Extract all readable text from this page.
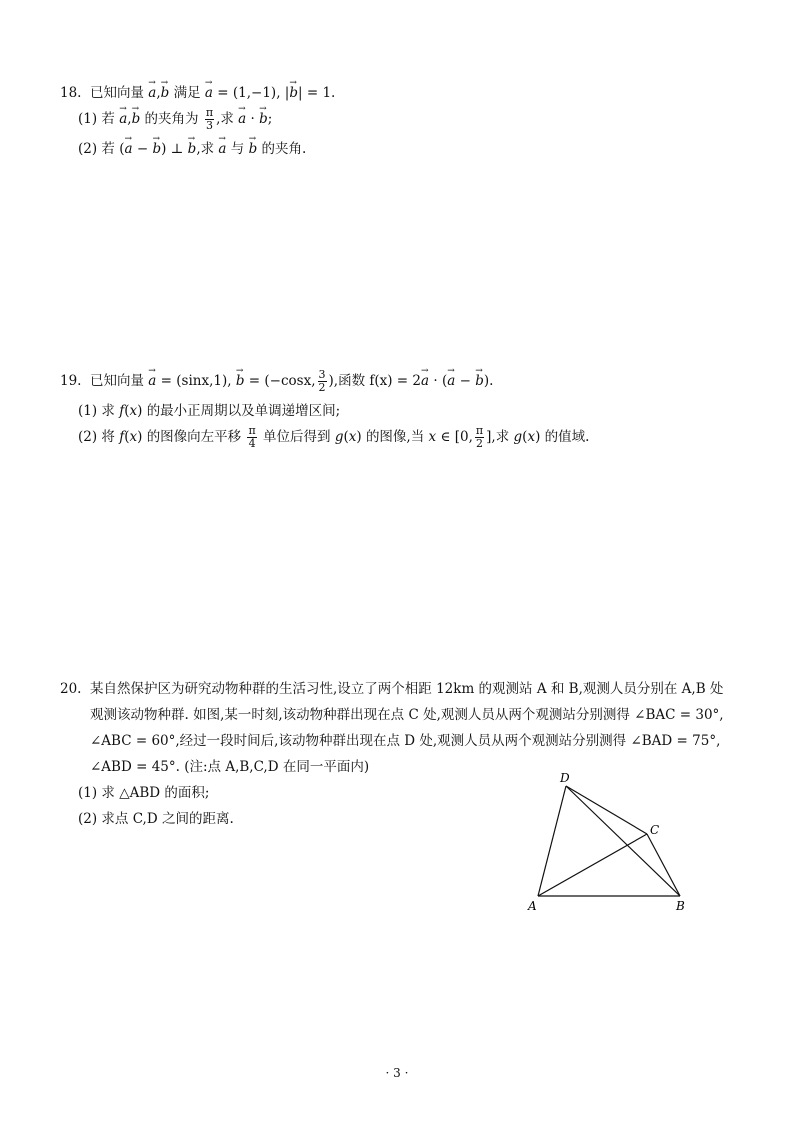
18. 已知向量 → a,→ b 满足 → a = (1,−1), |→ b| = 1.
(1) 若 → a,→ b 的夹角为 $\frac{\pi}{3}$ ,求 → a · → b;
(2) 若 (→ a − → b) ⊥ → b,求 → a 与 → b 的夹角.
19. 已知向量 → a = (sinx,1), → b = (−cosx, $\frac{3}{2}$ ),函数 f(x) = 2→ a · (→ a − → b).
(1) 求 f(x) 的最小正周期以及单调递增区间;
(2) 将 f(x) 的图像向左平移 $\frac{\pi}{4}$ 单位后得到 g(x) 的图像,当 x ∈ [0, $\frac{\pi}{2}$ ],求 g(x) 的值域.
20. 某自然保护区为研究动物种群的生活习性,设立了两个相距 12km 的观测站 A 和 B,观测人员分别在 A,B 处
观测该动物种群. 如图,某一时刻,该动物种群出现在点 C 处,观测人员从两个观测站分别测得 ∠BAC = 30°,
∠ABC = 60°,经过一段时间后,该动物种群出现在点 D 处,观测人员从两个观测站分别测得 ∠BAD = 75°,
∠ABD = 45°. (注:点 A,B,C,D 在同一平面内)
(1) 求 △ABD 的面积;
(2) 求点 C,D 之间的距离.
D
C
A	B
· 3 ·
